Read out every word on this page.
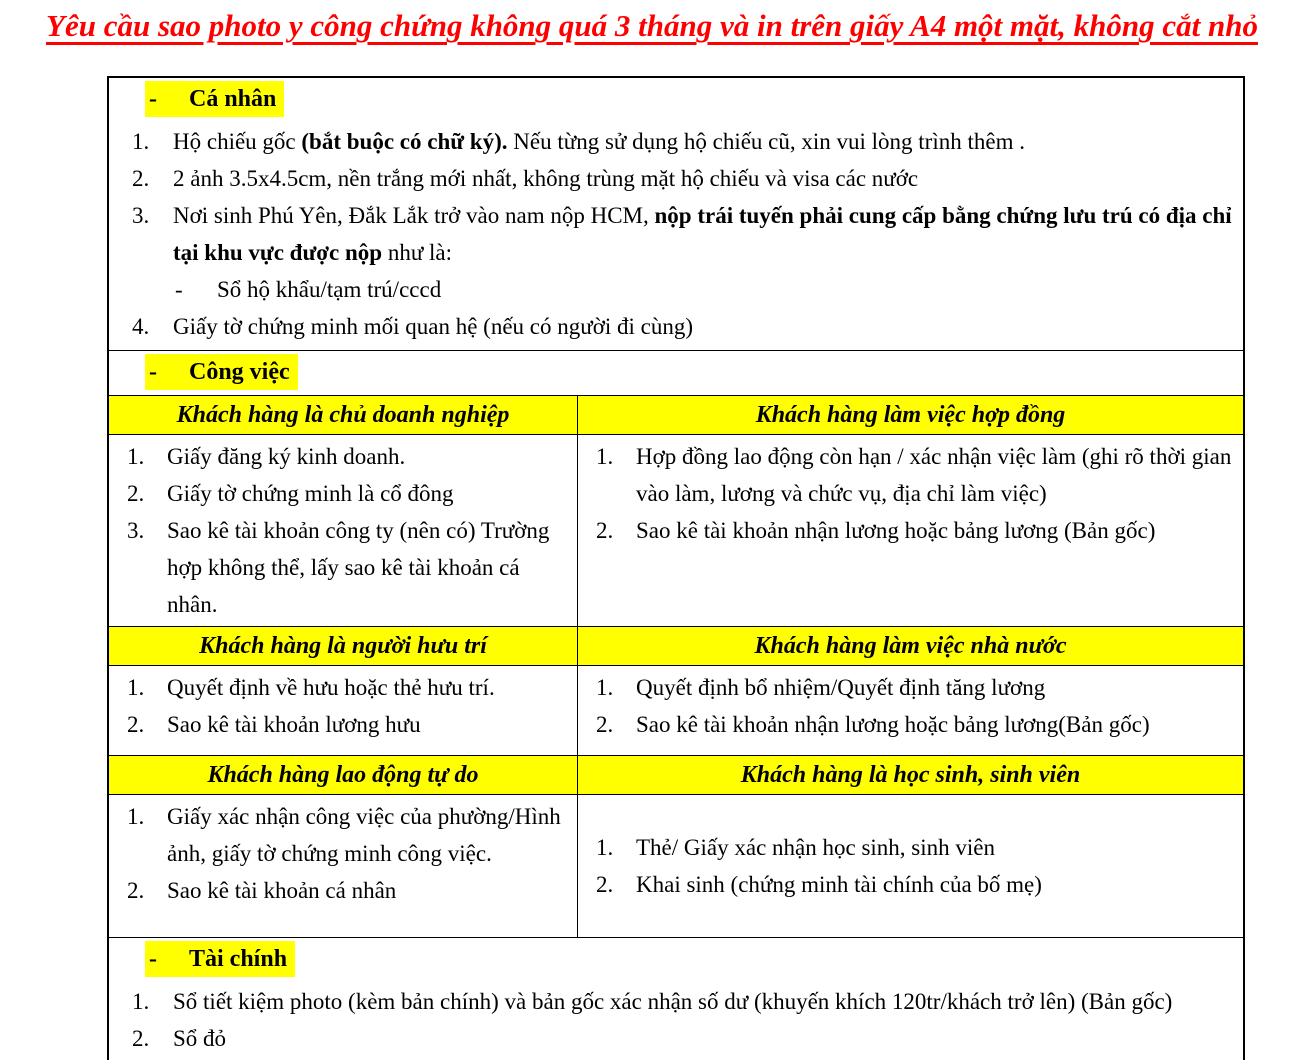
Yêu cầu sao photo y công chứng không quá 3 tháng và in trên giấy A4 một mặt, không cắt nhỏ
- Cá nhân
1.	Hộ chiếu gốc (bắt buộc có chữ ký). Nếu từng sử dụng hộ chiếu cũ, xin vui lòng trình thêm .
2.	2 ảnh 3.5x4.5cm, nền trắng mới nhất, không trùng mặt hộ chiếu và visa các nước
3.	Nơi sinh Phú Yên, Đắk Lắk trở vào nam nộp HCM, nộp trái tuyến phải cung cấp bằng chứng lưu trú có địa chỉ tại khu vực được nộp như là:
-	Sổ hộ khẩu/tạm trú/cccd
4.	Giấy tờ chứng minh mối quan hệ (nếu có người đi cùng)
- Công việc
Khách hàng là chủ doanh nghiệp	Khách hàng làm việc hợp đồng
1. Giấy đăng ký kinh doanh.
2. Giấy tờ chứng minh là cổ đông
3. Sao kê tài khoản công ty (nên có) Trường hợp không thể, lấy sao kê tài khoản cá nhân.
1. Hợp đồng lao động còn hạn / xác nhận việc làm (ghi rõ thời gian vào làm, lương và chức vụ, địa chỉ làm việc)
2. Sao kê tài khoản nhận lương hoặc bảng lương (Bản gốc)
Khách hàng là người hưu trí	Khách hàng làm việc nhà nước
1. Quyết định về hưu hoặc thẻ hưu trí.
2. Sao kê tài khoản lương hưu
1. Quyết định bổ nhiệm/Quyết định tăng lương
2. Sao kê tài khoản nhận lương hoặc bảng lương(Bản gốc)
Khách hàng lao động tự do	Khách hàng là học sinh, sinh viên
1. Giấy xác nhận công việc của phường/Hình ảnh, giấy tờ chứng minh công việc.
2. Sao kê tài khoản cá nhân
1. Thẻ/ Giấy xác nhận học sinh, sinh viên
2. Khai sinh (chứng minh tài chính của bố mẹ)
- Tài chính
1.	Sổ tiết kiệm photo (kèm bản chính) và bản gốc xác nhận số dư (khuyến khích 120tr/khách trở lên) (Bản gốc)
2.	Sổ đỏ
